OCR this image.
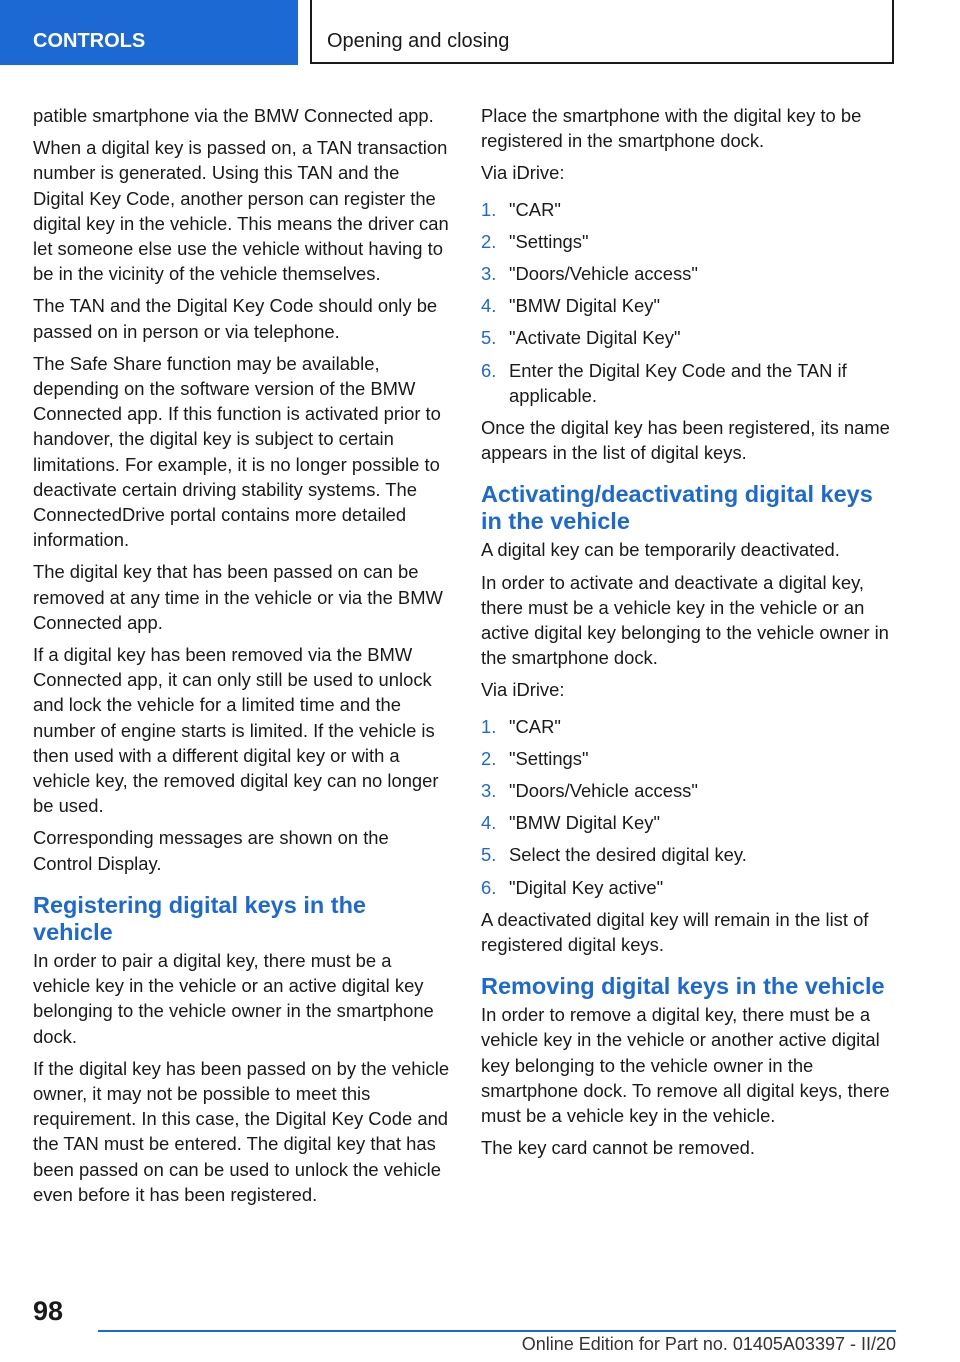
CONTROLS	Opening and closing

patible smartphone via the BMW Connected app.

When a digital key is passed on, a TAN transaction number is generated. Using this TAN and the Digital Key Code, another person can register the digital key in the vehicle. This means the driver can let someone else use the vehicle without having to be in the vicinity of the vehicle themselves.

The TAN and the Digital Key Code should only be passed on in person or via telephone.

The Safe Share function may be available, depending on the software version of the BMW Connected app. If this function is activated prior to handover, the digital key is subject to certain limitations. For example, it is no longer possible to deactivate certain driving stability systems. The ConnectedDrive portal contains more detailed information.

The digital key that has been passed on can be removed at any time in the vehicle or via the BMW Connected app.

If a digital key has been removed via the BMW Connected app, it can only still be used to unlock and lock the vehicle for a limited time and the number of engine starts is limited. If the vehicle is then used with a different digital key or with a vehicle key, the removed digital key can no longer be used.

Corresponding messages are shown on the Control Display.

Registering digital keys in the vehicle

In order to pair a digital key, there must be a vehicle key in the vehicle or an active digital key belonging to the vehicle owner in the smartphone dock.

If the digital key has been passed on by the vehicle owner, it may not be possible to meet this requirement. In this case, the Digital Key Code and the TAN must be entered. The digital key that has been passed on can be used to unlock the vehicle even before it has been registered.

Place the smartphone with the digital key to be registered in the smartphone dock.

Via iDrive:

1. "CAR"
2. "Settings"
3. "Doors/Vehicle access"
4. "BMW Digital Key"
5. "Activate Digital Key"
6. Enter the Digital Key Code and the TAN if applicable.

Once the digital key has been registered, its name appears in the list of digital keys.

Activating/deactivating digital keys in the vehicle

A digital key can be temporarily deactivated.

In order to activate and deactivate a digital key, there must be a vehicle key in the vehicle or an active digital key belonging to the vehicle owner in the smartphone dock.

Via iDrive:

1. "CAR"
2. "Settings"
3. "Doors/Vehicle access"
4. "BMW Digital Key"
5. Select the desired digital key.
6. "Digital Key active"

A deactivated digital key will remain in the list of registered digital keys.

Removing digital keys in the vehicle

In order to remove a digital key, there must be a vehicle key in the vehicle or another active digital key belonging to the vehicle owner in the smartphone dock. To remove all digital keys, there must be a vehicle key in the vehicle.

The key card cannot be removed.

98
Online Edition for Part no. 01405A03397 - II/20
